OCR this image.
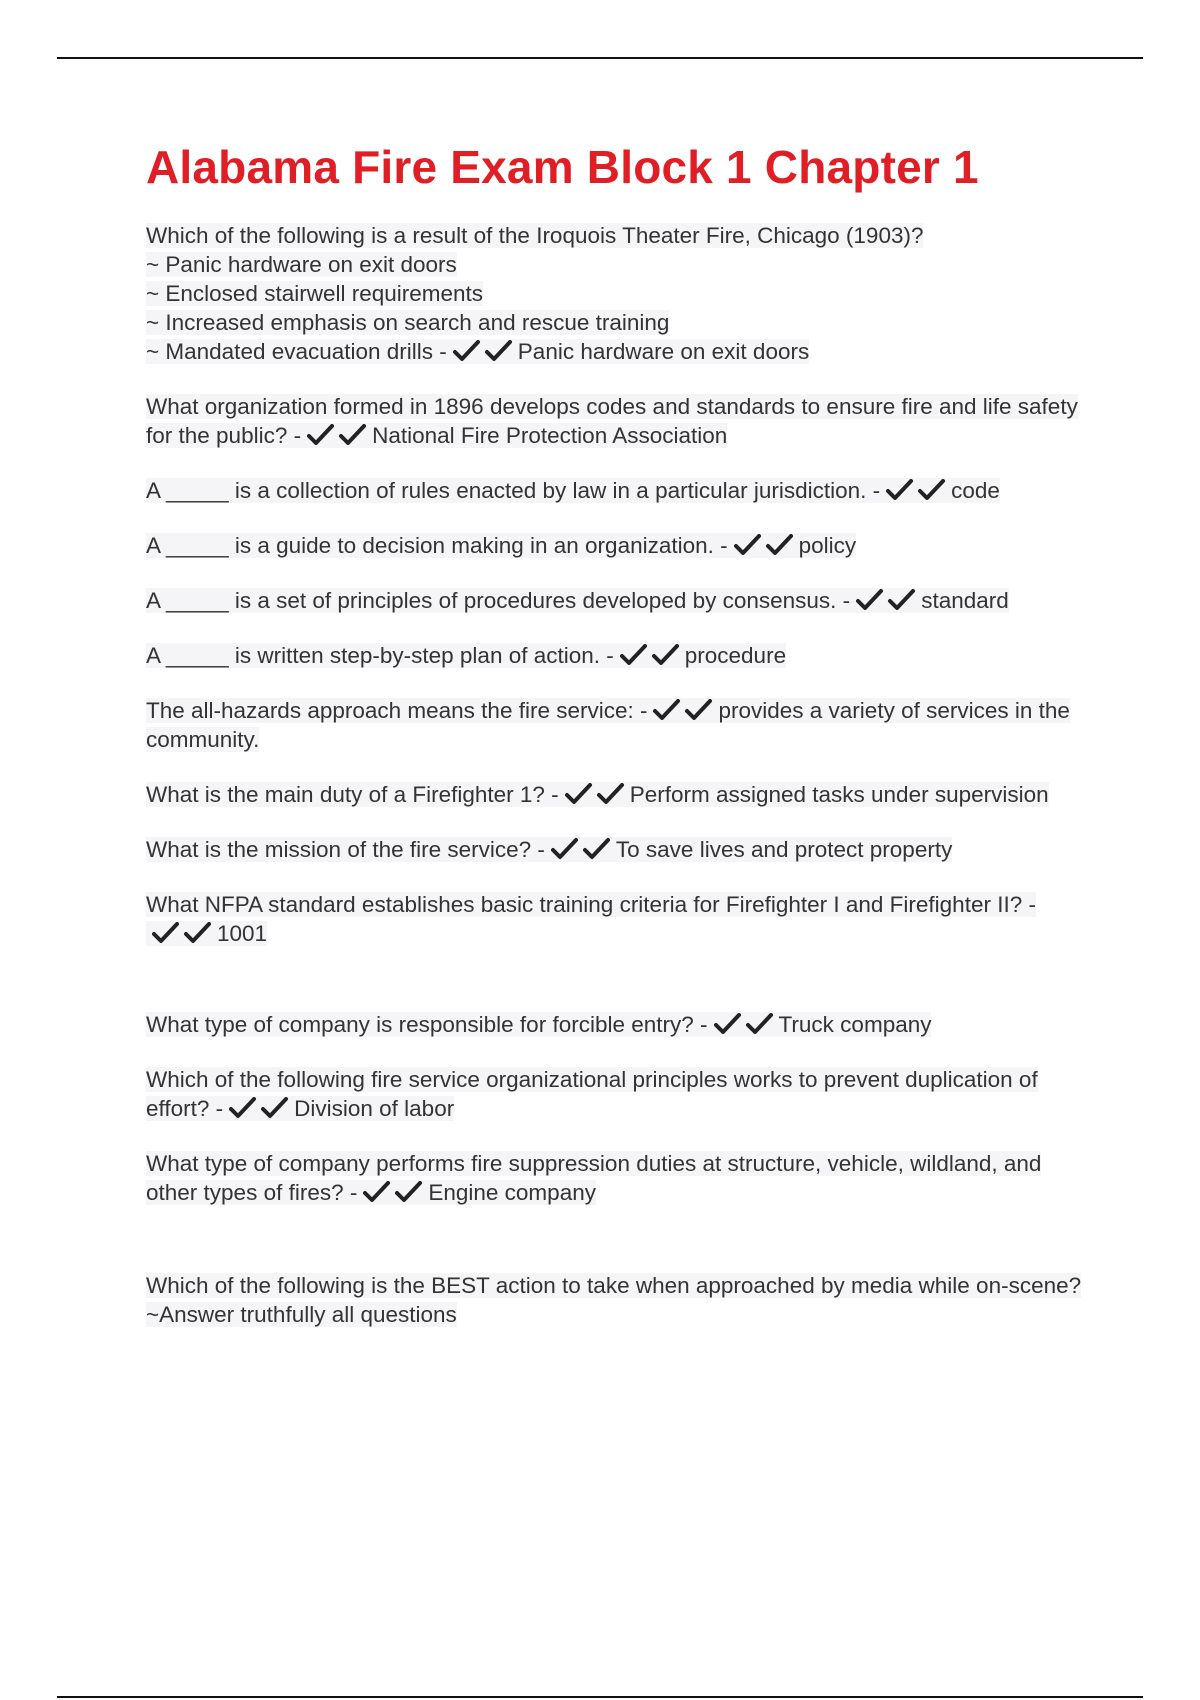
Alabama Fire Exam Block 1 Chapter 1

Which of the following is a result of the Iroquois Theater Fire, Chicago (1903)?
~ Panic hardware on exit doors
~ Enclosed stairwell requirements
~ Increased emphasis on search and rescue training
~ Mandated evacuation drills -	Panic hardware on exit doors

What organization formed in 1896 develops codes and standards to ensure fire and life safety for the public? -	National Fire Protection Association

A _____ is a collection of rules enacted by law in a particular jurisdiction. -	code

A _____ is a guide to decision making in an organization. -	policy

A _____ is a set of principles of procedures developed by consensus. -	standard

A _____ is written step-by-step plan of action. -	procedure

The all-hazards approach means the fire service: -	provides a variety of services in the community.

What is the main duty of a Firefighter 1? -	Perform assigned tasks under supervision

What is the mission of the fire service? -	To save lives and protect property

What NFPA standard establishes basic training criteria for Firefighter I and Firefighter II? -
1001

What type of company is responsible for forcible entry? -	Truck company

Which of the following fire service organizational principles works to prevent duplication of effort? -	Division of labor

What type of company performs fire suppression duties at structure, vehicle, wildland, and other types of fires? -	Engine company

Which of the following is the BEST action to take when approached by media while on-scene?
~Answer truthfully all questions
